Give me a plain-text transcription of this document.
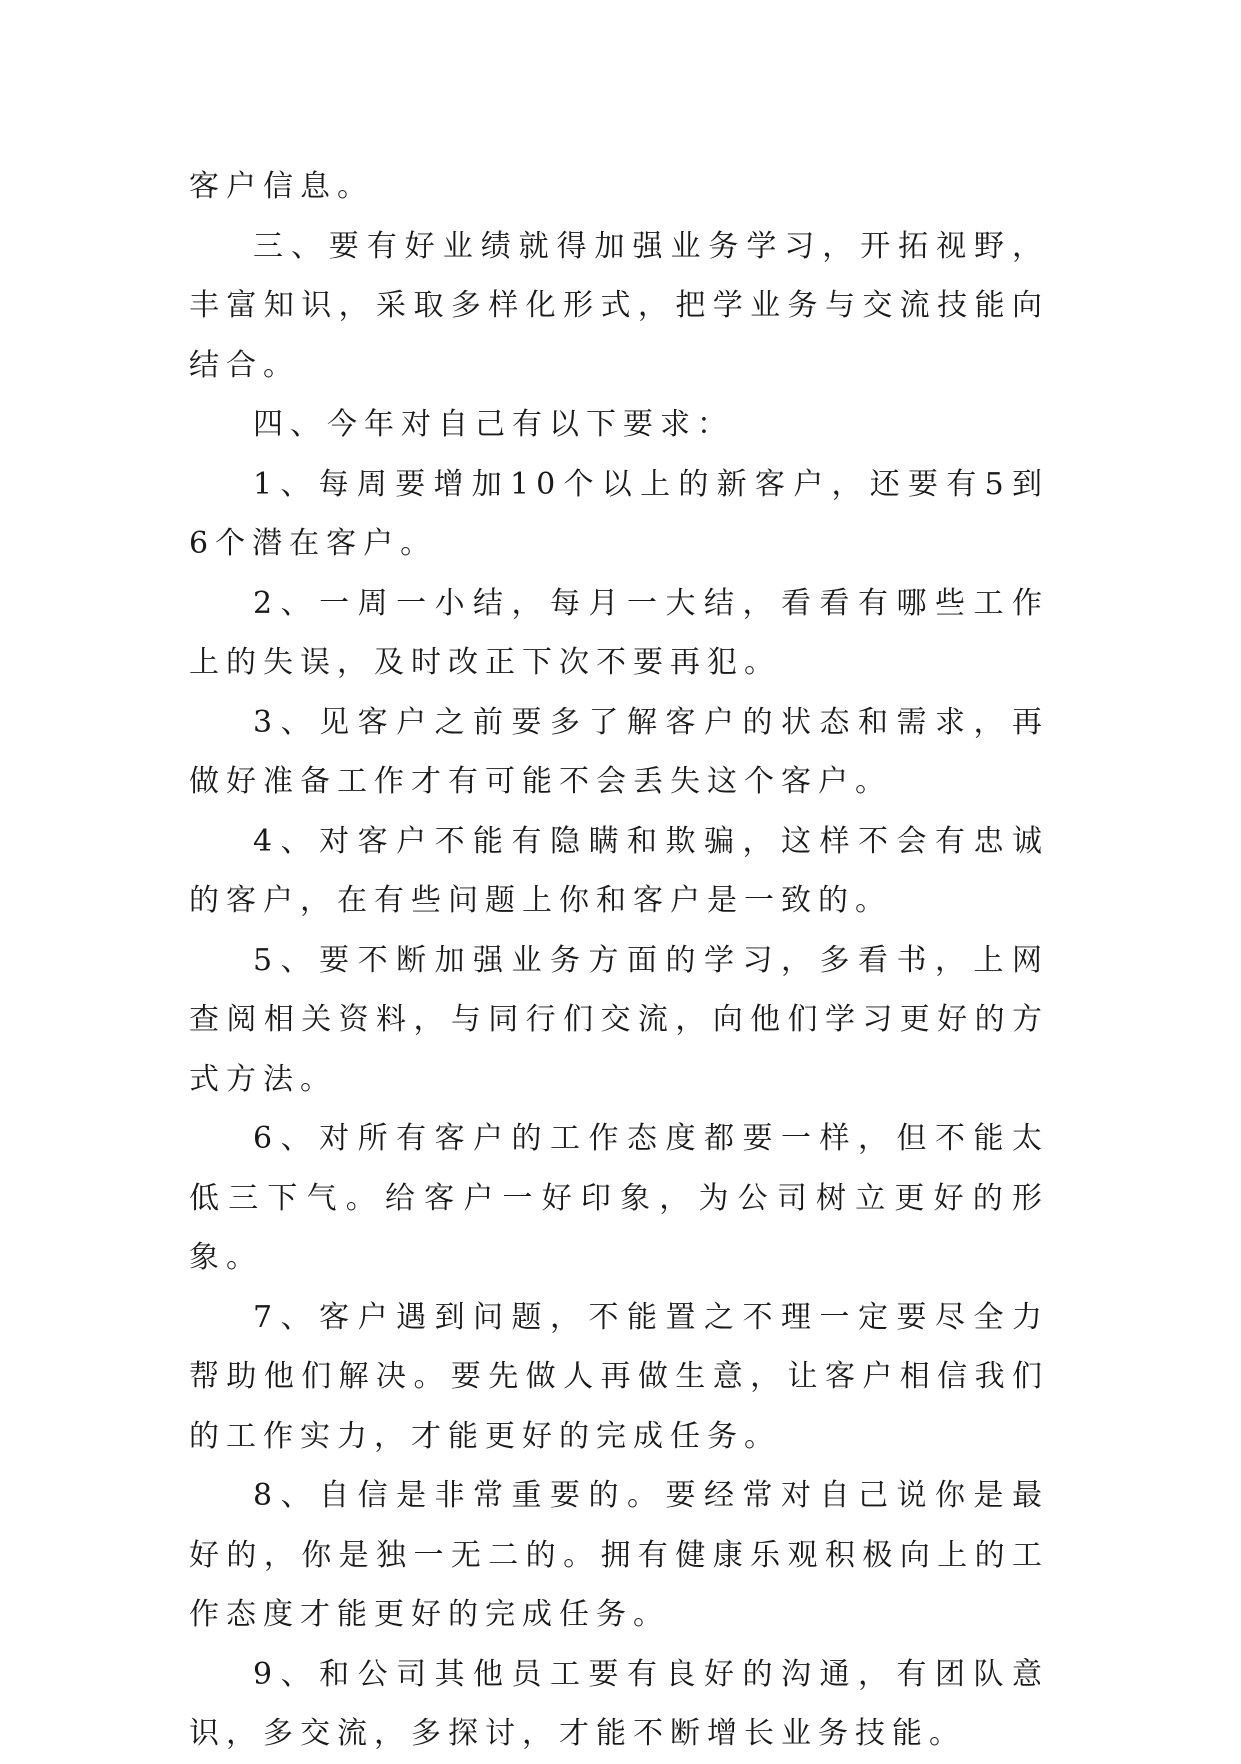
客户信息。

三、要有好业绩就得加强业务学习，开拓视野，丰富知识，采取多样化形式，把学业务与交流技能向结合。

四、今年对自己有以下要求：

1、每周要增加10个以上的新客户，还要有5到6个潜在客户。

2、一周一小结，每月一大结，看看有哪些工作上的失误，及时改正下次不要再犯。

3、见客户之前要多了解客户的状态和需求，再做好准备工作才有可能不会丢失这个客户。

4、对客户不能有隐瞒和欺骗，这样不会有忠诚的客户，在有些问题上你和客户是一致的。

5、要不断加强业务方面的学习，多看书，上网查阅相关资料，与同行们交流，向他们学习更好的方式方法。

6、对所有客户的工作态度都要一样，但不能太低三下气。给客户一好印象，为公司树立更好的形象。

7、客户遇到问题，不能置之不理一定要尽全力帮助他们解决。要先做人再做生意，让客户相信我们的工作实力，才能更好的完成任务。

8、自信是非常重要的。要经常对自己说你是最好的，你是独一无二的。拥有健康乐观积极向上的工作态度才能更好的完成任务。

9、和公司其他员工要有良好的沟通，有团队意识，多交流，多探讨，才能不断增长业务技能。
